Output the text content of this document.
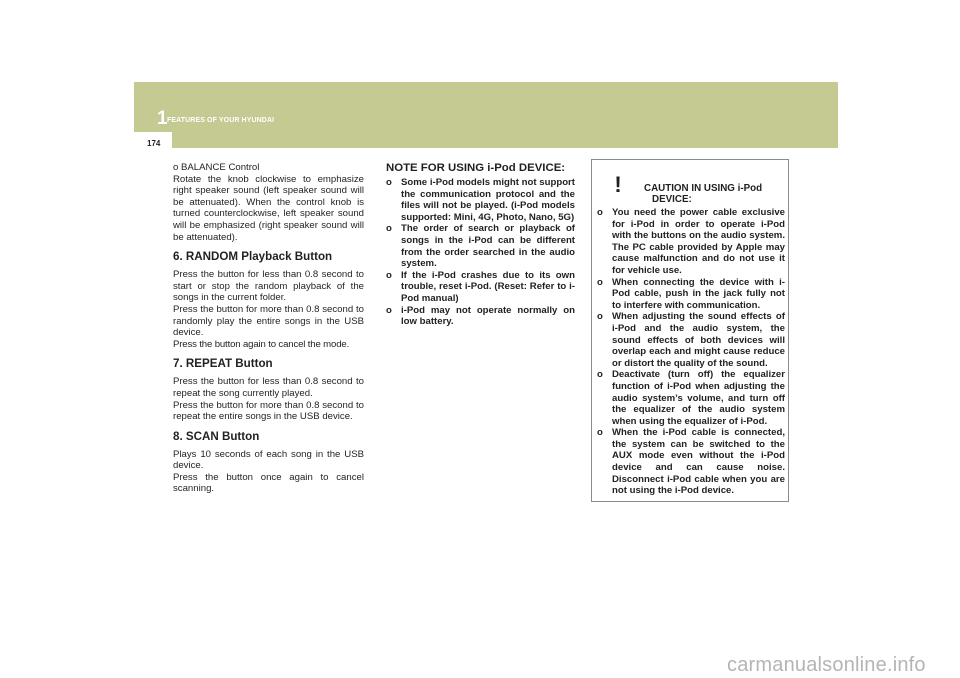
1 FEATURES OF YOUR HYUNDAI
174

o BALANCE Control

Rotate the knob clockwise to emphasize right speaker sound (left speaker sound will be attenuated). When the control knob is turned counterclockwise, left speaker sound will be emphasized (right speaker sound will be attenuated).

6. RANDOM Playback Button

Press the button for less than 0.8 second to start or stop the random playback of the songs in the current folder.

Press the button for more than 0.8 second to randomly play the entire songs in the USB device.

Press the button again to cancel the mode.

7. REPEAT Button

Press the button for less than 0.8 second to repeat the song currently played.

Press the button for more than 0.8 second to repeat the entire songs in the USB device.

8. SCAN Button

Plays 10 seconds of each song in the USB device.

Press the button once again to cancel scanning.

NOTE FOR USING i-Pod DEVICE:

o Some i-Pod models might not support the communication protocol and the files will not be played. (i-Pod models supported: Mini, 4G, Photo, Nano, 5G)

o The order of search or playback of songs in the i-Pod can be different from the order searched in the audio system.

o If the i-Pod crashes due to its own trouble, reset i-Pod. (Reset: Refer to i-Pod manual)

o i-Pod may not operate normally on low battery.

!	CAUTION IN USING i-Pod
DEVICE:

o You need the power cable exclusive for i-Pod in order to operate i-Pod with the buttons on the audio system. The PC cable provided by Apple may cause malfunction and do not use it for vehicle use.

o When connecting the device with i-Pod cable, push in the jack fully not to interfere with communication.

o When adjusting the sound effects of i-Pod and the audio system, the sound effects of both devices will overlap each and might cause reduce or distort the quality of the sound.

o Deactivate (turn off) the equalizer function of i-Pod when adjusting the audio system’s volume, and turn off the equalizer of the audio system when using the equalizer of i-Pod.

o When the i-Pod cable is connected, the system can be switched to the AUX mode even without the i-Pod device and can cause noise. Disconnect i-Pod cable when you are not using the i-Pod device.

carmanualsonline.info
